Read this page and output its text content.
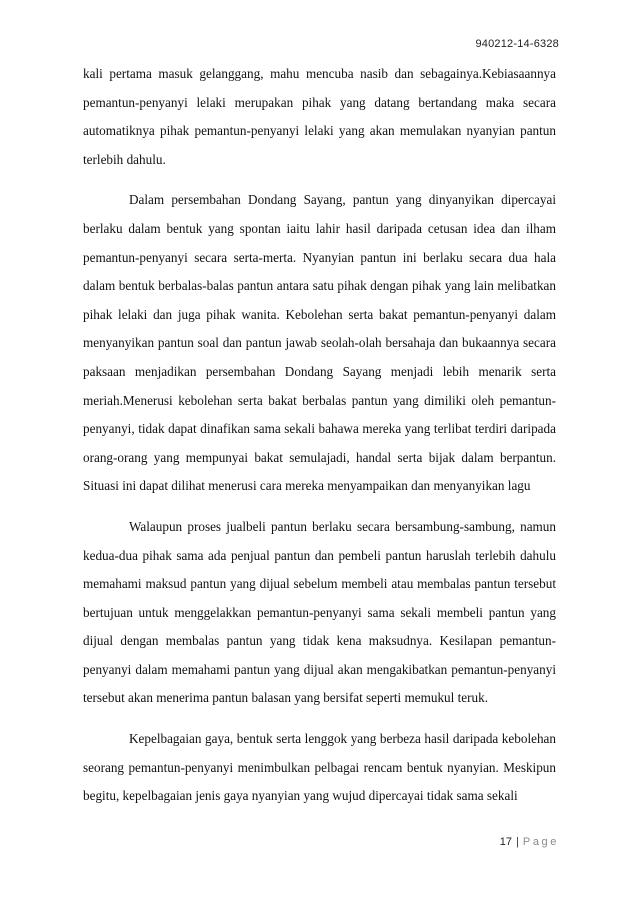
940212-14-6328

kali pertama masuk gelanggang, mahu mencuba nasib dan sebagainya.Kebiasaannya pemantun-penyanyi lelaki merupakan pihak yang datang bertandang maka secara automatiknya pihak pemantun-penyanyi lelaki yang akan memulakan nyanyian pantun terlebih dahulu.

Dalam persembahan Dondang Sayang, pantun yang dinyanyikan dipercayai berlaku dalam bentuk yang spontan iaitu lahir hasil daripada cetusan idea dan ilham pemantun-penyanyi secara serta-merta. Nyanyian pantun ini berlaku secara dua hala dalam bentuk berbalas-balas pantun antara satu pihak dengan pihak yang lain melibatkan pihak lelaki dan juga pihak wanita. Kebolehan serta bakat pemantun-penyanyi dalam menyanyikan pantun soal dan pantun jawab seolah-olah bersahaja dan bukaannya secara paksaan menjadikan persembahan Dondang Sayang menjadi lebih menarik serta meriah.Menerusi kebolehan serta bakat berbalas pantun yang dimiliki oleh pemantun-penyanyi, tidak dapat dinafikan sama sekali bahawa mereka yang terlibat terdiri daripada orang-orang yang mempunyai bakat semulajadi, handal serta bijak dalam berpantun. Situasi ini dapat dilihat menerusi cara mereka menyampaikan dan menyanyikan lagu

Walaupun proses jualbeli pantun berlaku secara bersambung-sambung, namun kedua-dua pihak sama ada penjual pantun dan pembeli pantun haruslah terlebih dahulu memahami maksud pantun yang dijual sebelum membeli atau membalas pantun tersebut bertujuan untuk menggelakkan pemantun-penyanyi sama sekali membeli pantun yang dijual dengan membalas pantun yang tidak kena maksudnya. Kesilapan pemantun-penyanyi dalam memahami pantun yang dijual akan mengakibatkan pemantun-penyanyi tersebut akan menerima pantun balasan yang bersifat seperti memukul teruk.

Kepelbagaian gaya, bentuk serta lenggok yang berbeza hasil daripada kebolehan seorang pemantun-penyanyi menimbulkan pelbagai rencam bentuk nyanyian. Meskipun begitu, kepelbagaian jenis gaya nyanyian yang wujud dipercayai tidak sama sekali

17 | Page
